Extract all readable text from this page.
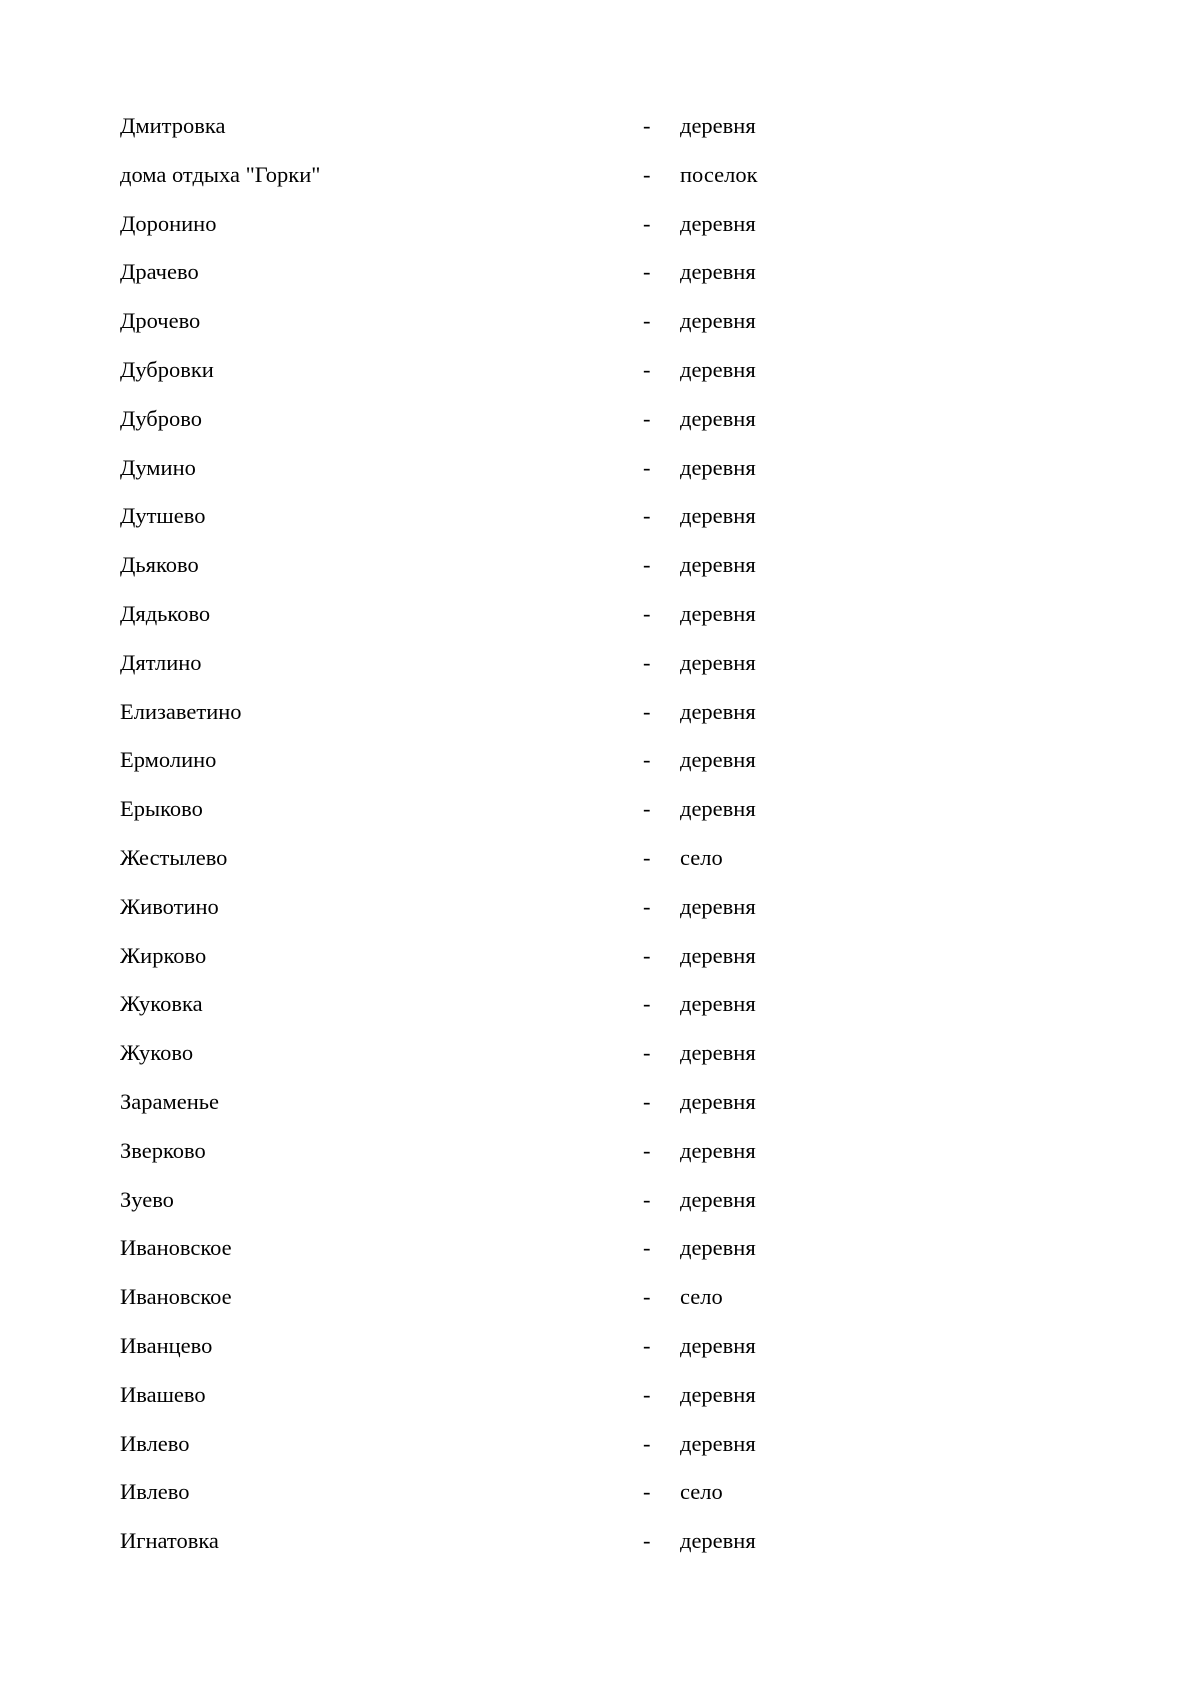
Дмитровка	- деревня
дома отдыха "Горки"	- поселок
Доронино	- деревня
Драчево	- деревня
Дрочево	- деревня
Дубровки	- деревня
Дуброво	- деревня
Думино	- деревня
Дутшево	- деревня
Дьяково	- деревня
Дядьково	- деревня
Дятлино	- деревня
Елизаветино	- деревня
Ермолино	- деревня
Ерыково	- деревня
Жестылево	- село
Животино	- деревня
Жирково	- деревня
Жуковка	- деревня
Жуково	- деревня
Зараменье	- деревня
Зверково	- деревня
Зуево	- деревня
Ивановское	- деревня
Ивановское	- село
Иванцево	- деревня
Ивашево	- деревня
Ивлево	- деревня
Ивлево	- село
Игнатовка	- деревня
